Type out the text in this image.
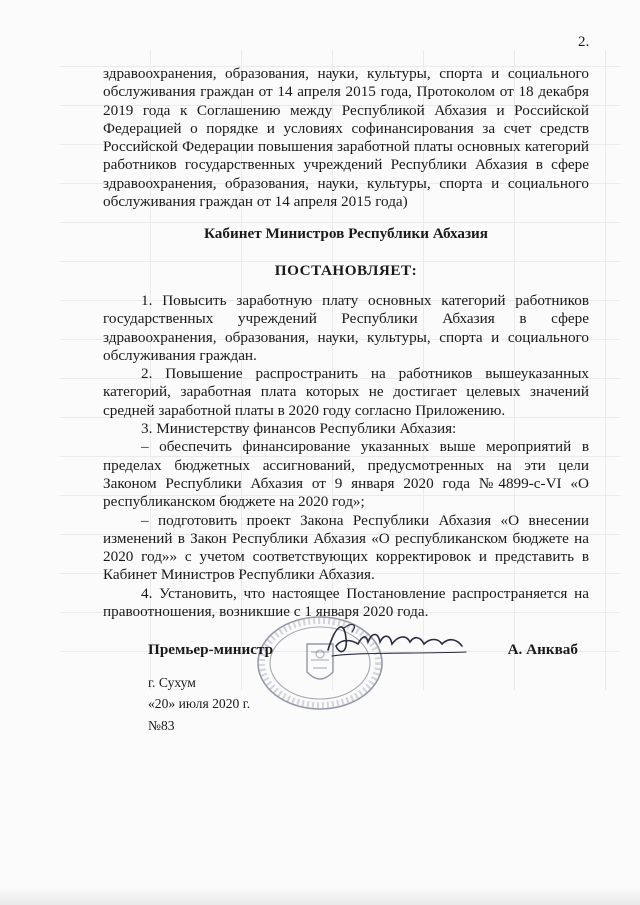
2.

здравоохранения, образования, науки, культуры, спорта и социального обслуживания граждан от 14 апреля 2015 года, Протоколом от 18 декабря 2019 года к Соглашению между Республикой Абхазия и Российской Федерацией о порядке и условиях софинансирования за счет средств Российской Федерации повышения заработной платы основных категорий работников государственных учреждений Республики Абхазия в сфере здравоохранения, образования, науки, культуры, спорта и социального обслуживания граждан от 14 апреля 2015 года)

Кабинет Министров Республики Абхазия

ПОСТАНОВЛЯЕТ:

1. Повысить заработную плату основных категорий работников государственных учреждений Республики Абхазия в сфере здравоохранения, образования, науки, культуры, спорта и социального обслуживания граждан.

2. Повышение распространить на работников вышеуказанных категорий, заработная плата которых не достигает целевых значений средней заработной платы в 2020 году согласно Приложению.

3. Министерству финансов Республики Абхазия:

– обеспечить финансирование указанных выше мероприятий в пределах бюджетных ассигнований, предусмотренных на эти цели Законом Республики Абхазия от 9 января 2020 года №4899-с-VI «О республиканском бюджете на 2020 год»;

– подготовить проект Закона Республики Абхазия «О внесении изменений в Закон Республики Абхазия «О республиканском бюджете на 2020 год»» с учетом соответствующих корректировок и представить в Кабинет Министров Республики Абхазия.

4. Установить, что настоящее Постановление распространяется на правоотношения, возникшие с 1 января 2020 года.

Премьер-министр	А. Анкваб
г. Сухум
«20» июля 2020 г.
№83
